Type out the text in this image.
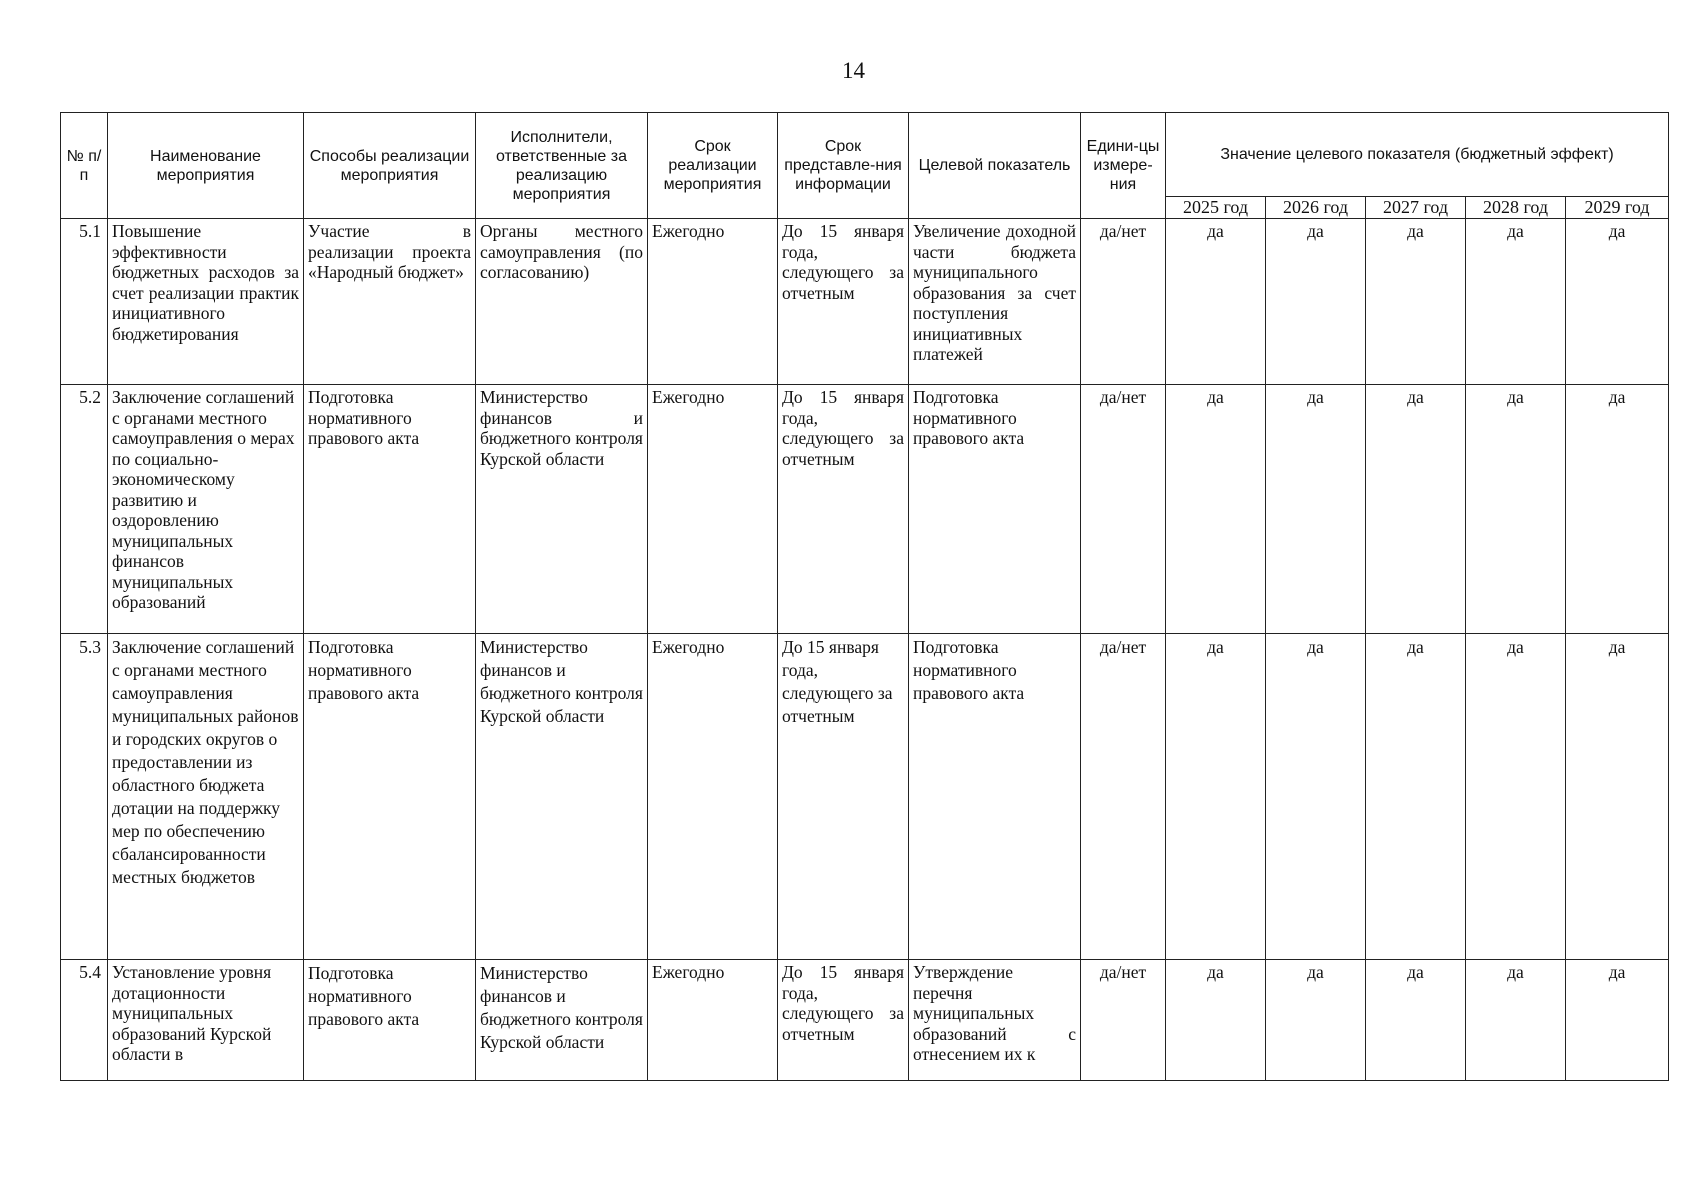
14
№ п/п	Наименование мероприятия	Способы реализации мероприятия	Исполнители, ответственные за реализацию мероприятия	Срок реализации мероприятия	Срок представле-ния информации	Целевой показатель	Едини-цы измере-ния	Значение целевого показателя (бюджетный эффект)				
								2025 год	2026 год	2027 год	2028 год	2029 год
5.1	Повышение эффективности бюджетных расходов за счет реализации практик инициативного бюджетирования	Участие в реализации проекта «Народный бюджет»	Органы местного самоуправления (по согласованию)	Ежегодно	До 15 января года, следующего за отчетным	Увеличение доходной части бюджета муниципального образования за счет поступления инициативных платежей	да/нет	да	да	да	да	да
5.2	Заключение соглашений с органами местного самоуправления о мерах по социально-экономическому развитию и оздоровлению муниципальных финансов муниципальных образований	Подготовка нормативного правового акта	Министерство финансов и бюджетного контроля Курской области	Ежегодно	До 15 января года, следующего за отчетным	Подготовка нормативного правового акта	да/нет	да	да	да	да	да
5.3	Заключение соглашений с органами местного самоуправления муниципальных районов и городских округов о предоставлении из областного бюджета дотации на поддержку мер по обеспечению сбалансированности местных бюджетов	Подготовка нормативного правового акта	Министерство финансов и бюджетного контроля Курской области	Ежегодно	До 15 января года, следующего за отчетным	Подготовка нормативного правового акта	да/нет	да	да	да	да	да
5.4	Установление уровня дотационности муниципальных образований Курской области в	Подготовка нормативного правового акта	Министерство финансов и бюджетного контроля Курской области	Ежегодно	До 15 января года, следующего за отчетным	Утверждение перечня муниципальных образований с отнесением их к	да/нет	да	да	да	да	да
